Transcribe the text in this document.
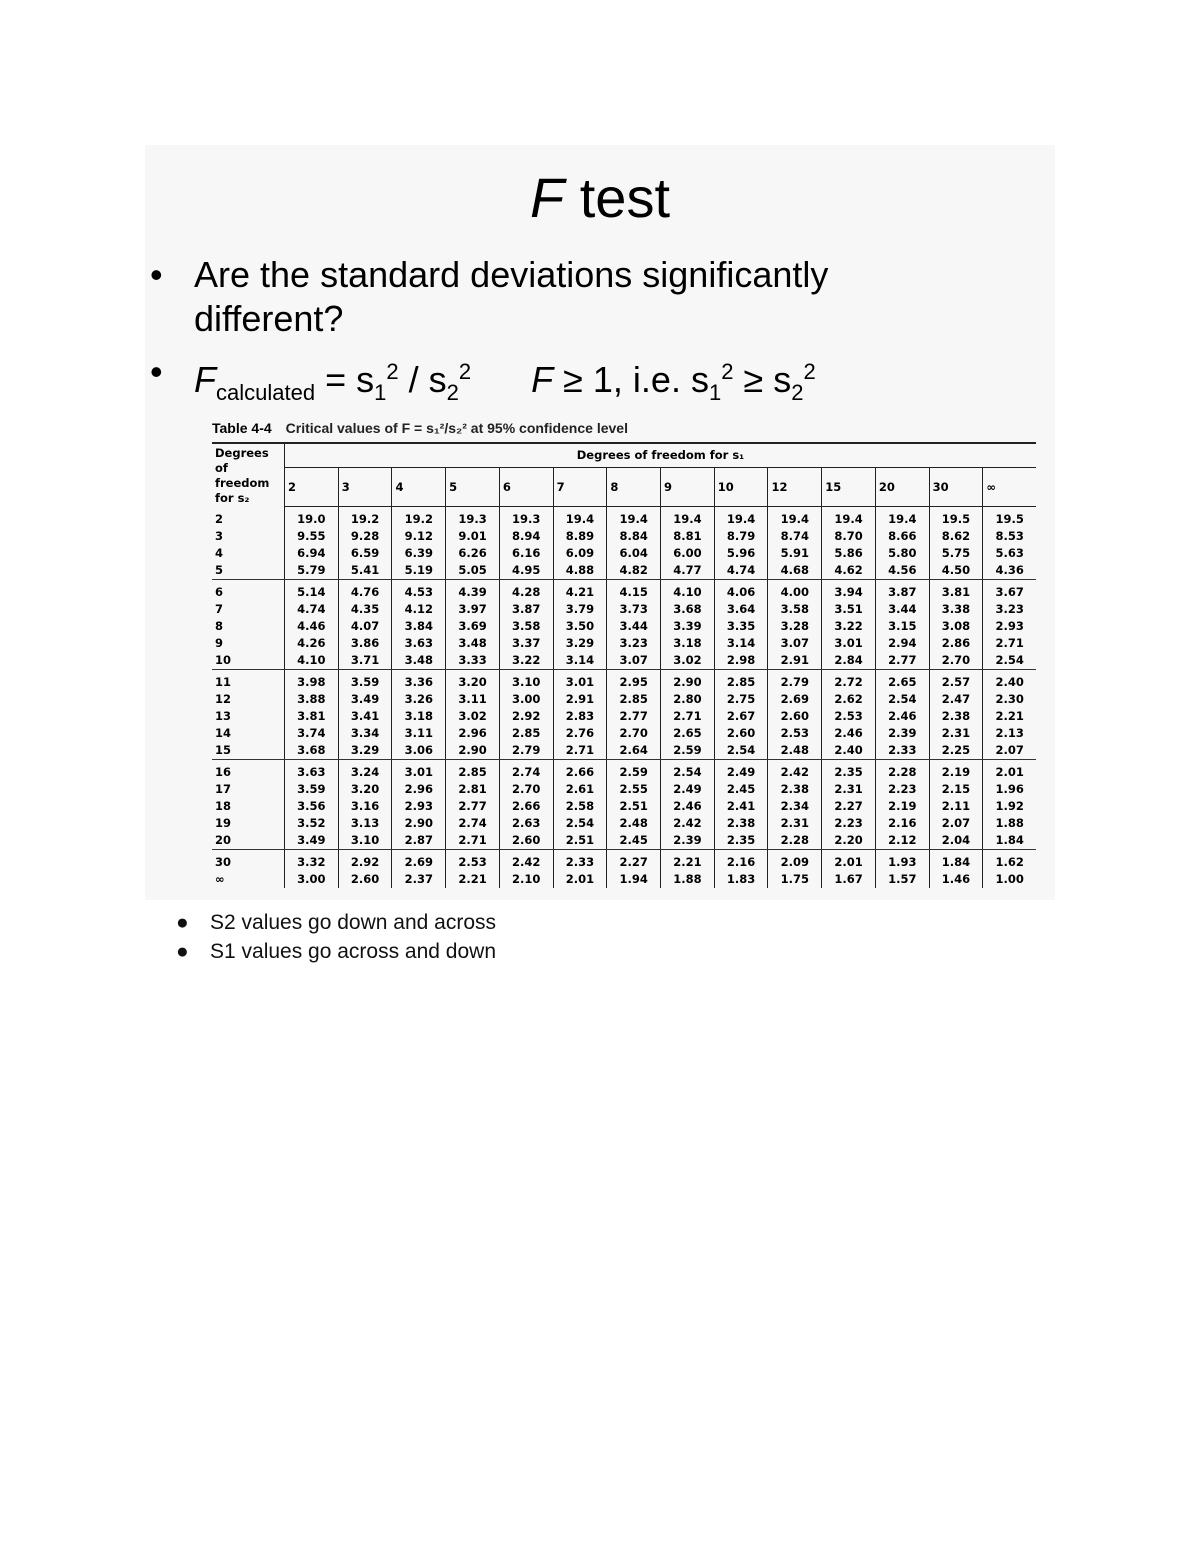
F test
• Are the standard deviations significantly
different?
• $F_{calculated} = s_1^2 / s_2^2$ F ≥ 1, i.e. $s_1^2 \ge s_2^2$
Table 4-4 Critical values of F = s₁²/s₂² at 95% confidence level
Degrees of freedom for s₂	Degrees of freedom for s₁													
	2	3	4	5	6	7	8	9	10	12	15	20	30	∞
2	19.0	19.2	19.2	19.3	19.3	19.4	19.4	19.4	19.4	19.4	19.4	19.4	19.5	19.5
3	9.55	9.28	9.12	9.01	8.94	8.89	8.84	8.81	8.79	8.74	8.70	8.66	8.62	8.53
4	6.94	6.59	6.39	6.26	6.16	6.09	6.04	6.00	5.96	5.91	5.86	5.80	5.75	5.63
5	5.79	5.41	5.19	5.05	4.95	4.88	4.82	4.77	4.74	4.68	4.62	4.56	4.50	4.36
6	5.14	4.76	4.53	4.39	4.28	4.21	4.15	4.10	4.06	4.00	3.94	3.87	3.81	3.67
7	4.74	4.35	4.12	3.97	3.87	3.79	3.73	3.68	3.64	3.58	3.51	3.44	3.38	3.23
8	4.46	4.07	3.84	3.69	3.58	3.50	3.44	3.39	3.35	3.28	3.22	3.15	3.08	2.93
9	4.26	3.86	3.63	3.48	3.37	3.29	3.23	3.18	3.14	3.07	3.01	2.94	2.86	2.71
10	4.10	3.71	3.48	3.33	3.22	3.14	3.07	3.02	2.98	2.91	2.84	2.77	2.70	2.54
11	3.98	3.59	3.36	3.20	3.10	3.01	2.95	2.90	2.85	2.79	2.72	2.65	2.57	2.40
12	3.88	3.49	3.26	3.11	3.00	2.91	2.85	2.80	2.75	2.69	2.62	2.54	2.47	2.30
13	3.81	3.41	3.18	3.02	2.92	2.83	2.77	2.71	2.67	2.60	2.53	2.46	2.38	2.21
14	3.74	3.34	3.11	2.96	2.85	2.76	2.70	2.65	2.60	2.53	2.46	2.39	2.31	2.13
15	3.68	3.29	3.06	2.90	2.79	2.71	2.64	2.59	2.54	2.48	2.40	2.33	2.25	2.07
16	3.63	3.24	3.01	2.85	2.74	2.66	2.59	2.54	2.49	2.42	2.35	2.28	2.19	2.01
17	3.59	3.20	2.96	2.81	2.70	2.61	2.55	2.49	2.45	2.38	2.31	2.23	2.15	1.96
18	3.56	3.16	2.93	2.77	2.66	2.58	2.51	2.46	2.41	2.34	2.27	2.19	2.11	1.92
19	3.52	3.13	2.90	2.74	2.63	2.54	2.48	2.42	2.38	2.31	2.23	2.16	2.07	1.88
20	3.49	3.10	2.87	2.71	2.60	2.51	2.45	2.39	2.35	2.28	2.20	2.12	2.04	1.84
30	3.32	2.92	2.69	2.53	2.42	2.33	2.27	2.21	2.16	2.09	2.01	1.93	1.84	1.62
∞	3.00	2.60	2.37	2.21	2.10	2.01	1.94	1.88	1.83	1.75	1.67	1.57	1.46	1.00
● S2 values go down and across
● S1 values go across and down
